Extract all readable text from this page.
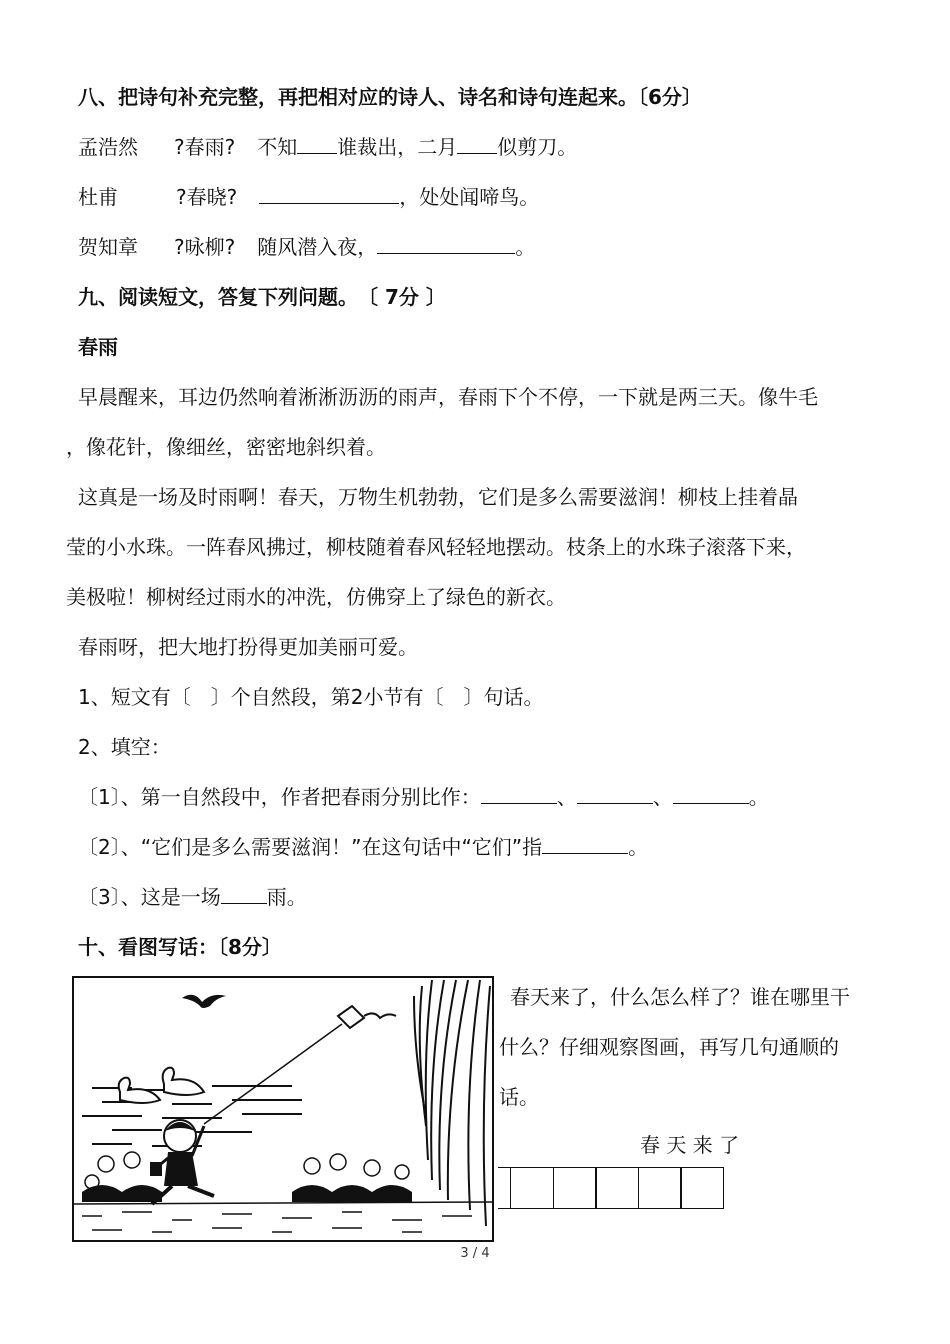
八、把诗句补充完整，再把相对应的诗人、诗名和诗句连起来。〔6分〕
孟浩然 ?春雨? 不知 谁裁出，二月 似剪刀。
杜甫	?春晓?	，处处闻啼鸟。
贺知章 ?咏柳? 随风潜入夜，	。
九、阅读短文，答复下列问题。　〔 7分 〕
春雨
早晨醒来，耳边仍然响着淅淅沥沥的雨声，春雨下个不停，一下就是两三天。像牛毛
，像花针，像细丝，密密地斜织着。
这真是一场及时雨啊！春天，万物生机勃勃，它们是多么需要滋润！柳枝上挂着晶
莹的小水珠。一阵春风拂过，柳枝随着春风轻轻地摆动。枝条上的水珠子滚落下来，
美极啦！柳树经过雨水的冲洗，仿佛穿上了绿色的新衣。
春雨呀，把大地打扮得更加美丽可爱。
1、短文有〔　〕个自然段，第2小节有〔　〕句话。
2、填空：
〔1〕、第一自然段中，作者把春雨分别比作：	、	、	。
〔2〕、“它们是多么需要滋润！”在这句话中“它们”指	。
〔3〕、这是一场 雨。
十、看图写话：〔8分〕
春天来了，什么怎么样了？谁在哪里干
什么？仔细观察图画，再写几句通顺的
话。
春 天 来 了
3 / 4
